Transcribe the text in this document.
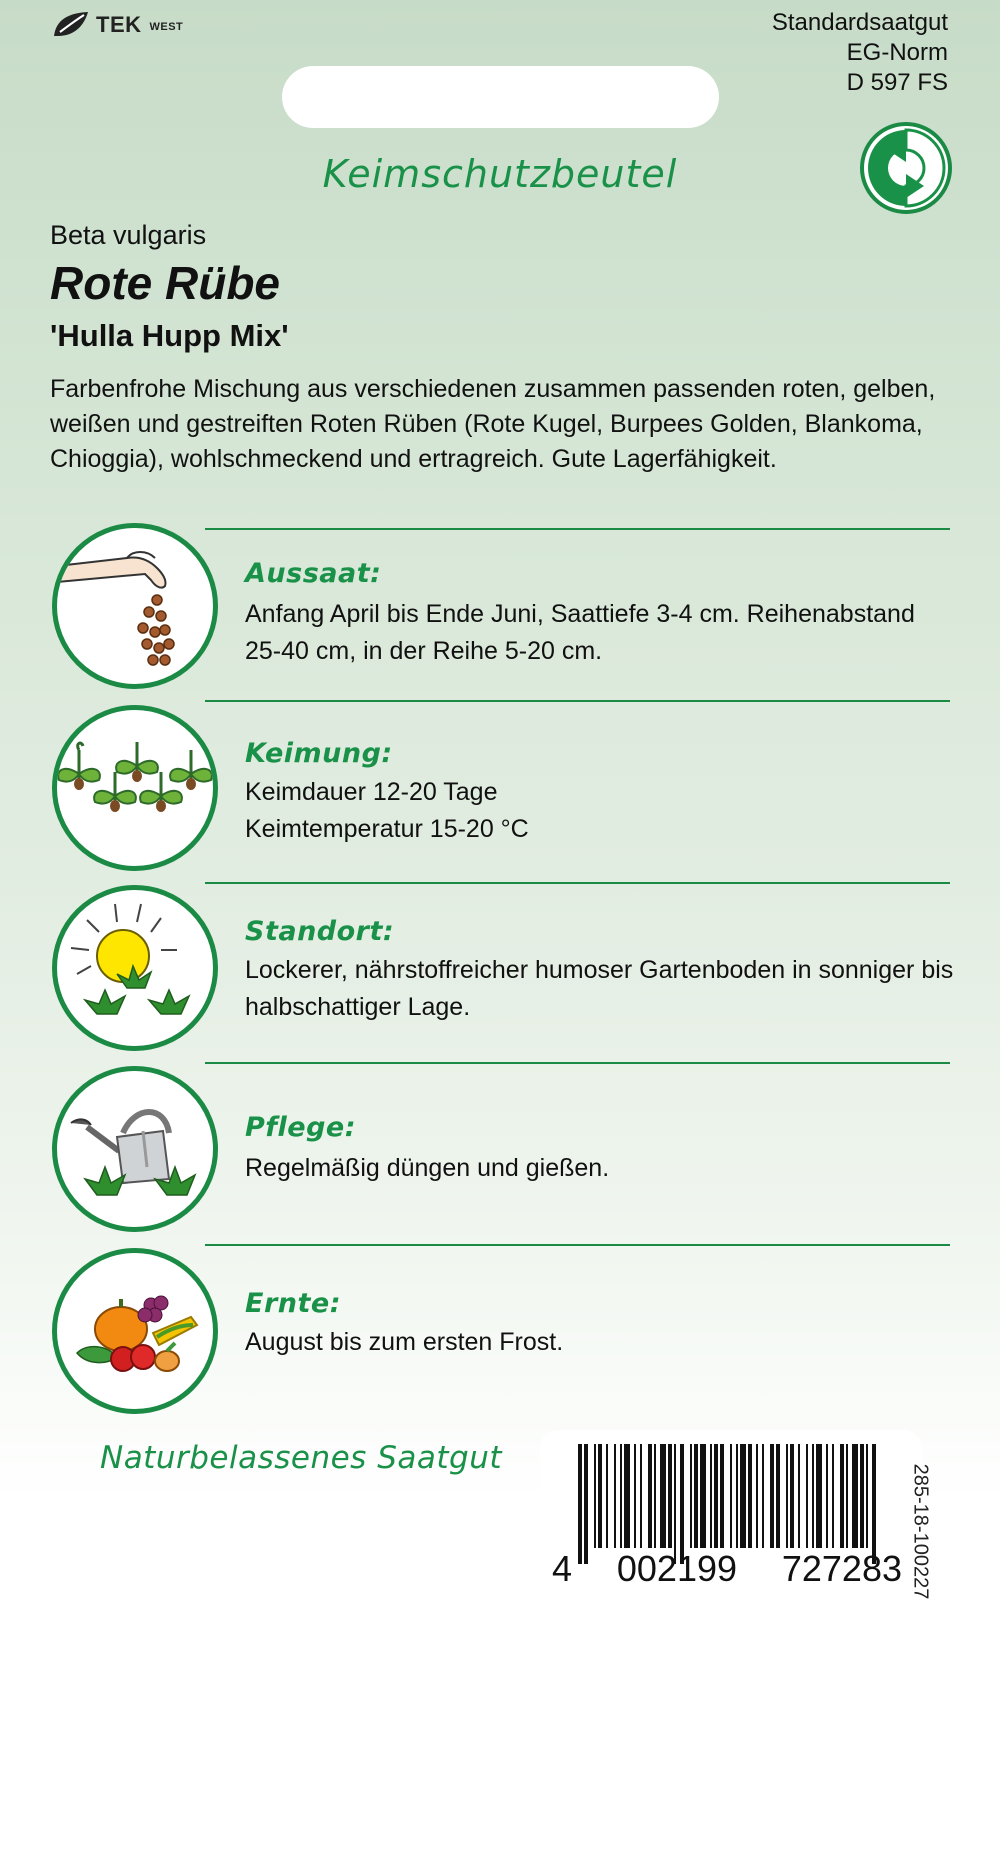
TEK WEST	Standardsaatgut
EG-Norm
D 597 FS
Keimschutzbeutel
Beta vulgaris
Rote Rübe
'Hulla Hupp Mix'
Farbenfrohe Mischung aus verschiedenen zusammen passenden roten, gelben, weißen und gestreiften Roten Rüben (Rote Kugel, Burpees Golden, Blankoma, Chioggia), wohlschmeckend und ertragreich. Gute Lagerfähigkeit.
Aussaat:
Anfang April bis Ende Juni, Saattiefe 3-4 cm. Reihenabstand 25-40 cm, in der Reihe 5-20 cm.
Keimung:
Keimdauer 12-20 Tage
Keimtemperatur 15-20 °C
Standort:
Lockerer, nährstoffreicher humoser Gartenboden in sonniger bis halbschattiger Lage.
Pflege:
Regelmäßig düngen und gießen.
Ernte:
August bis zum ersten Frost.
Naturbelassenes Saatgut
4 002199 727283 285-18-100227
